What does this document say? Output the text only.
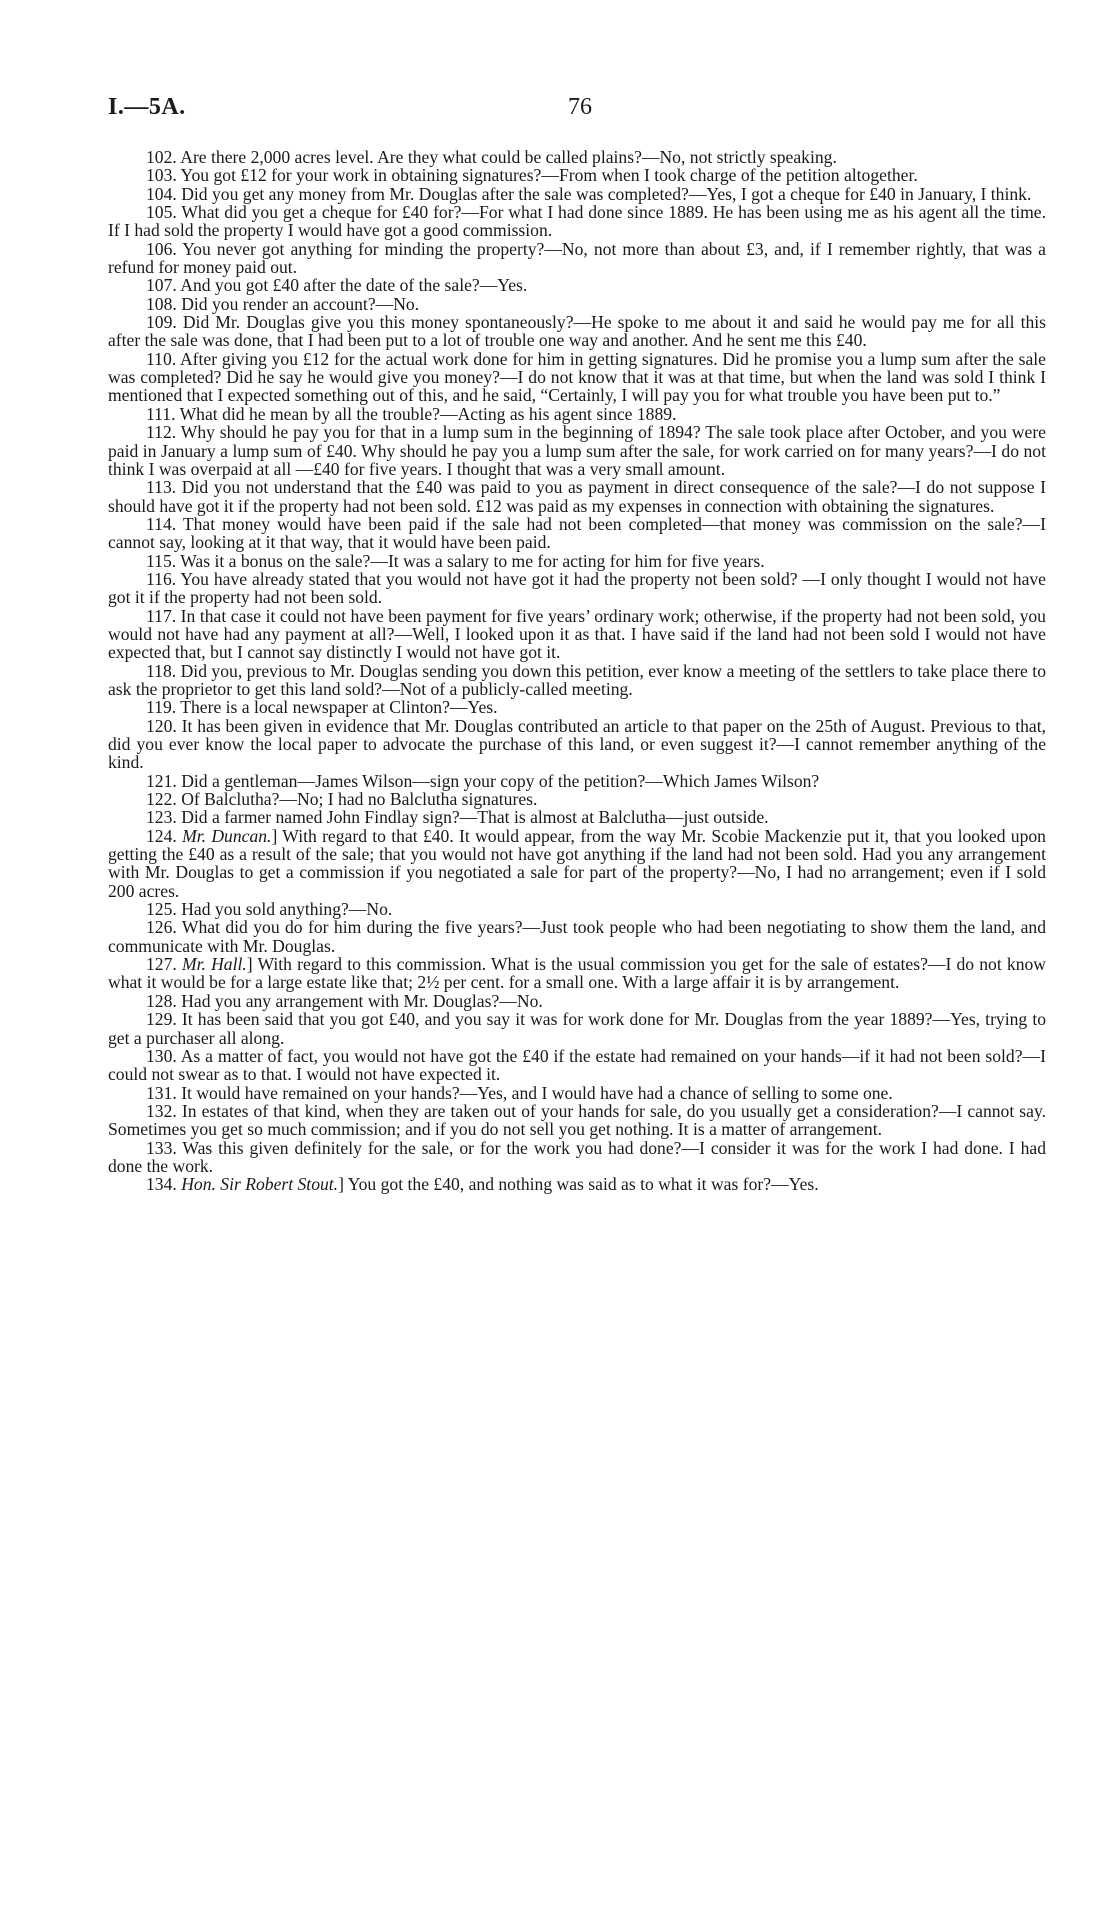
I.—5A.	76

102. Are there 2,000 acres level. Are they what could be called plains?—No, not strictly speaking.

103. You got £12 for your work in obtaining signatures?—From when I took charge of the petition altogether.

104. Did you get any money from Mr. Douglas after the sale was completed?—Yes, I got a cheque for £40 in January, I think.

105. What did you get a cheque for £40 for?—For what I had done since 1889. He has been using me as his agent all the time. If I had sold the property I would have got a good commission.

106. You never got anything for minding the property?—No, not more than about £3, and, if I remember rightly, that was a refund for money paid out.

107. And you got £40 after the date of the sale?—Yes.

108. Did you render an account?—No.

109. Did Mr. Douglas give you this money spontaneously?—He spoke to me about it and said he would pay me for all this after the sale was done, that I had been put to a lot of trouble one way and another. And he sent me this £40.

110. After giving you £12 for the actual work done for him in getting signatures. Did he promise you a lump sum after the sale was completed? Did he say he would give you money?—I do not know that it was at that time, but when the land was sold I think I mentioned that I expected something out of this, and he said, “Certainly, I will pay you for what trouble you have been put to.”

111. What did he mean by all the trouble?—Acting as his agent since 1889.

112. Why should he pay you for that in a lump sum in the beginning of 1894? The sale took place after October, and you were paid in January a lump sum of £40. Why should he pay you a lump sum after the sale, for work carried on for many years?—I do not think I was overpaid at all —£40 for five years. I thought that was a very small amount.

113. Did you not understand that the £40 was paid to you as payment in direct consequence of the sale?—I do not suppose I should have got it if the property had not been sold. £12 was paid as my expenses in connection with obtaining the signatures.

114. That money would have been paid if the sale had not been completed—that money was commission on the sale?—I cannot say, looking at it that way, that it would have been paid.

115. Was it a bonus on the sale?—It was a salary to me for acting for him for five years.

116. You have already stated that you would not have got it had the property not been sold? —I only thought I would not have got it if the property had not been sold.

117. In that case it could not have been payment for five years’ ordinary work; otherwise, if the property had not been sold, you would not have had any payment at all?—Well, I looked upon it as that. I have said if the land had not been sold I would not have expected that, but I cannot say distinctly I would not have got it.

118. Did you, previous to Mr. Douglas sending you down this petition, ever know a meeting of the settlers to take place there to ask the proprietor to get this land sold?—Not of a publicly-called meeting.

119. There is a local newspaper at Clinton?—Yes.

120. It has been given in evidence that Mr. Douglas contributed an article to that paper on the 25th of August. Previous to that, did you ever know the local paper to advocate the purchase of this land, or even suggest it?—I cannot remember anything of the kind.

121. Did a gentleman—James Wilson—sign your copy of the petition?—Which James Wilson?

122. Of Balclutha?—No; I had no Balclutha signatures.

123. Did a farmer named John Findlay sign?—That is almost at Balclutha—just outside.

124. Mr. Duncan.] With regard to that £40. It would appear, from the way Mr. Scobie Mackenzie put it, that you looked upon getting the £40 as a result of the sale; that you would not have got anything if the land had not been sold. Had you any arrangement with Mr. Douglas to get a commission if you negotiated a sale for part of the property?—No, I had no arrangement; even if I sold 200 acres.

125. Had you sold anything?—No.

126. What did you do for him during the five years?—Just took people who had been negotiating to show them the land, and communicate with Mr. Douglas.

127. Mr. Hall.] With regard to this commission. What is the usual commission you get for the sale of estates?—I do not know what it would be for a large estate like that; 2½ per cent. for a small one. With a large affair it is by arrangement.

128. Had you any arrangement with Mr. Douglas?—No.

129. It has been said that you got £40, and you say it was for work done for Mr. Douglas from the year 1889?—Yes, trying to get a purchaser all along.

130. As a matter of fact, you would not have got the £40 if the estate had remained on your hands—if it had not been sold?—I could not swear as to that. I would not have expected it.

131. It would have remained on your hands?—Yes, and I would have had a chance of selling to some one.

132. In estates of that kind, when they are taken out of your hands for sale, do you usually get a consideration?—I cannot say. Sometimes you get so much commission; and if you do not sell you get nothing. It is a matter of arrangement.

133. Was this given definitely for the sale, or for the work you had done?—I consider it was for the work I had done. I had done the work.

134. Hon. Sir Robert Stout.] You got the £40, and nothing was said as to what it was for?—Yes.
